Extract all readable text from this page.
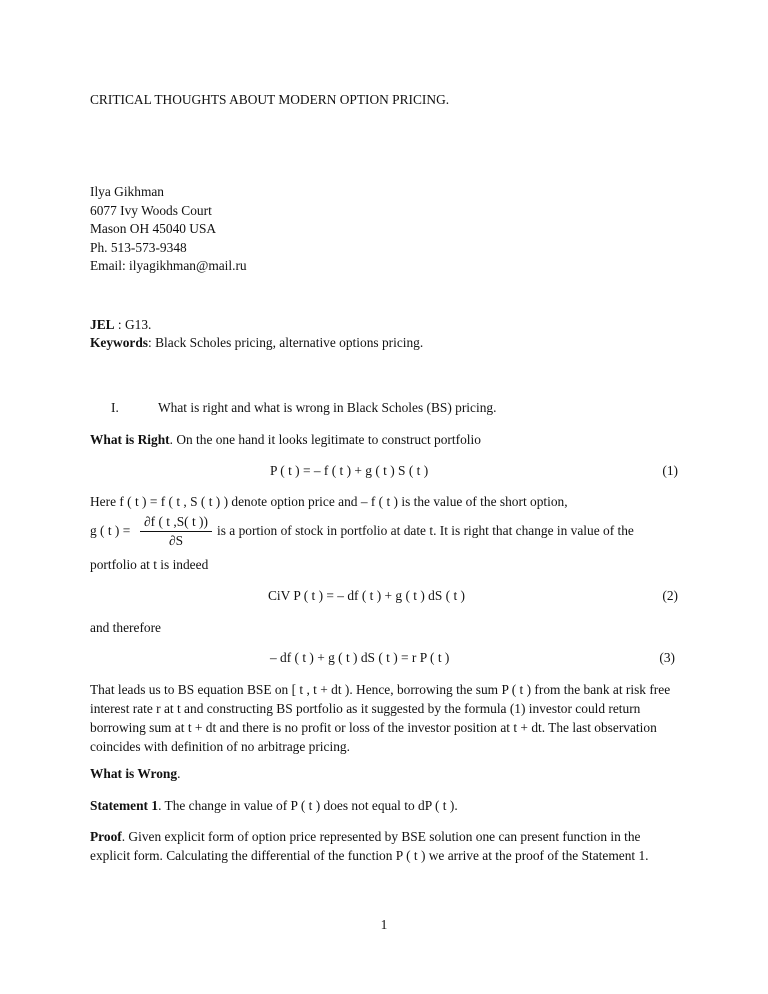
CRITICAL THOUGHTS ABOUT MODERN OPTION PRICING.
Ilya Gikhman
6077 Ivy Woods Court
Mason OH 45040 USA
Ph. 513-573-9348
Email: ilyagikhman@mail.ru
JEL : G13.
Keywords: Black Scholes pricing, alternative options pricing.
I.	What is right and what is wrong in Black Scholes (BS) pricing.
What is Right. On the one hand it looks legitimate to construct portfolio
P ( t ) = – f ( t ) + g ( t ) S ( t )	(1)
Here f ( t ) = f ( t , S ( t ) ) denote option price and – f ( t ) is the value of the short option,
g ( t ) =
∂f ( t ,S( t ))
∂S
is a portion of stock in portfolio at date t. It is right that change in value of the
portfolio at t is indeed
CiV P ( t ) = – df ( t ) + g ( t ) dS ( t )	(2)
and therefore
– df ( t ) + g ( t ) dS ( t ) = r P ( t )	(3)
That leads us to BS equation BSE on [ t , t + dt ). Hence, borrowing the sum P ( t ) from the bank at risk free interest rate r at t and constructing BS portfolio as it suggested by the formula (1) investor could return borrowing sum at t + dt and there is no profit or loss of the investor position at t + dt. The last observation coincides with definition of no arbitrage pricing.
What is Wrong.
Statement 1. The change in value of P ( t ) does not equal to dP ( t ).
Proof. Given explicit form of option price represented by BSE solution one can present function in the explicit form. Calculating the differential of the function P ( t ) we arrive at the proof of the Statement 1.
1
